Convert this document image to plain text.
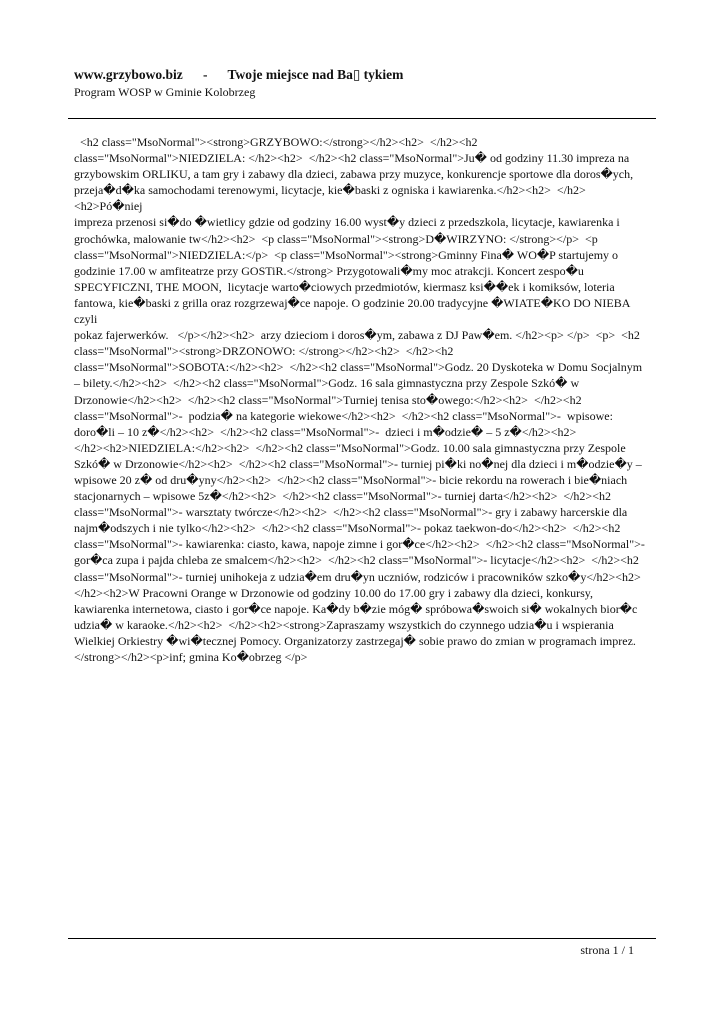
www.grzybowo.biz - Twoje miejsce nad Ba▯ tykiem
Program WOSP w Gminie Kolobrzeg
<h2 class="MsoNormal"><strong>GRZYBOWO:</strong></h2><h2>  </h2><h2
class="MsoNormal">NIEDZIELA: </h2><h2>  </h2><h2 class="MsoNormal">Ju� od godziny 11.30 impreza na
grzybowskim ORLIKU, a tam gry i zabawy dla dzieci, zabawa przy muzyce, konkurencje sportowe dla doros�ych,
przeja�d�ka samochodami terenowymi, licytacje, kie�baski z ogniska i kawiarenka.</h2><h2>  </h2><h2>Pó�niej
impreza przenosi si�do �wietlicy gdzie od godziny 16.00 wyst�y dzieci z przedszkola, licytacje, kawiarenka i
grochówka, malowanie tw</h2><h2>  <p class="MsoNormal"><strong>D�WIRZYNO: </strong></p>  <p
class="MsoNormal">NIEDZIELA:</p>  <p class="MsoNormal"><strong>Gminny Fina� WO�P startujemy o
godzinie 17.00 w amfiteatrze przy GOSTiR.</strong> Przygotowali�my moc atrakcji. Koncert zespo�u
SPECYFICZNI, THE MOON,  licytacje warto�ciowych przedmiotów, kiermasz ksi��ek i komiksów, loteria
fantowa, kie�baski z grilla oraz rozgrzewaj�ce napoje. O godzinie 20.00 tradycyjne �WIATE�KO DO NIEBA czyli
pokaz fajerwerków.   </p></h2><h2>  arzy dzieciom i doros�ym, zabawa z DJ Paw�em. </h2><p> </p>  <p>  <h2
class="MsoNormal"><strong>DRZONOWO: </strong></h2><h2>  </h2><h2
class="MsoNormal">SOBOTA:</h2><h2>  </h2><h2 class="MsoNormal">Godz. 20 Dyskoteka w Domu Socjalnym
– bilety.</h2><h2>  </h2><h2 class="MsoNormal">Godz. 16 sala gimnastyczna przy Zespole Szkó� w
Drzonowie</h2><h2>  </h2><h2 class="MsoNormal">Turniej tenisa sto�owego:</h2><h2>  </h2><h2
class="MsoNormal">-  podzia� na kategorie wiekowe</h2><h2>  </h2><h2 class="MsoNormal">-  wpisowe:
doro�li – 10 z�</h2><h2>  </h2><h2 class="MsoNormal">-  dzieci i m�odzie� – 5 z�</h2><h2>
</h2><h2>NIEDZIELA:</h2><h2>  </h2><h2 class="MsoNormal">Godz. 10.00 sala gimnastyczna przy Zespole
Szkó� w Drzonowie</h2><h2>  </h2><h2 class="MsoNormal">- turniej pi�ki no�nej dla dzieci i m�odzie�y –
wpisowe 20 z� od dru�yny</h2><h2>  </h2><h2 class="MsoNormal">- bicie rekordu na rowerach i bie�niach
stacjonarnych – wpisowe 5z�</h2><h2>  </h2><h2 class="MsoNormal">- turniej darta</h2><h2>  </h2><h2
class="MsoNormal">- warsztaty twórcze</h2><h2>  </h2><h2 class="MsoNormal">- gry i zabawy harcerskie dla
najm�odszych i nie tylko</h2><h2>  </h2><h2 class="MsoNormal">- pokaz taekwon-do</h2><h2>  </h2><h2
class="MsoNormal">- kawiarenka: ciasto, kawa, napoje zimne i gor�ce</h2><h2>  </h2><h2 class="MsoNormal">-
gor�ca zupa i pajda chleba ze smalcem</h2><h2>  </h2><h2 class="MsoNormal">- licytacje</h2><h2>  </h2><h2
class="MsoNormal">- turniej unihokeja z udzia�em dru�yn uczniów, rodziców i pracowników szko�y</h2><h2>
</h2><h2>W Pracowni Orange w Drzonowie od godziny 10.00 do 17.00 gry i zabawy dla dzieci, konkursy,
kawiarenka internetowa, ciasto i gor�ce napoje. Ka�dy b�zie móg� spróbowa�swoich si� wokalnych bior�c
udzia� w karaoke.</h2><h2>  </h2><h2><strong>Zapraszamy wszystkich do czynnego udzia�u i wspierania
Wielkiej Orkiestry �wi�tecznej Pomocy. Organizatorzy zastrzegaj� sobie prawo do zmian w programach imprez.
</strong></h2><p>inf; gmina Ko�obrzeg </p>
strona 1 / 1
